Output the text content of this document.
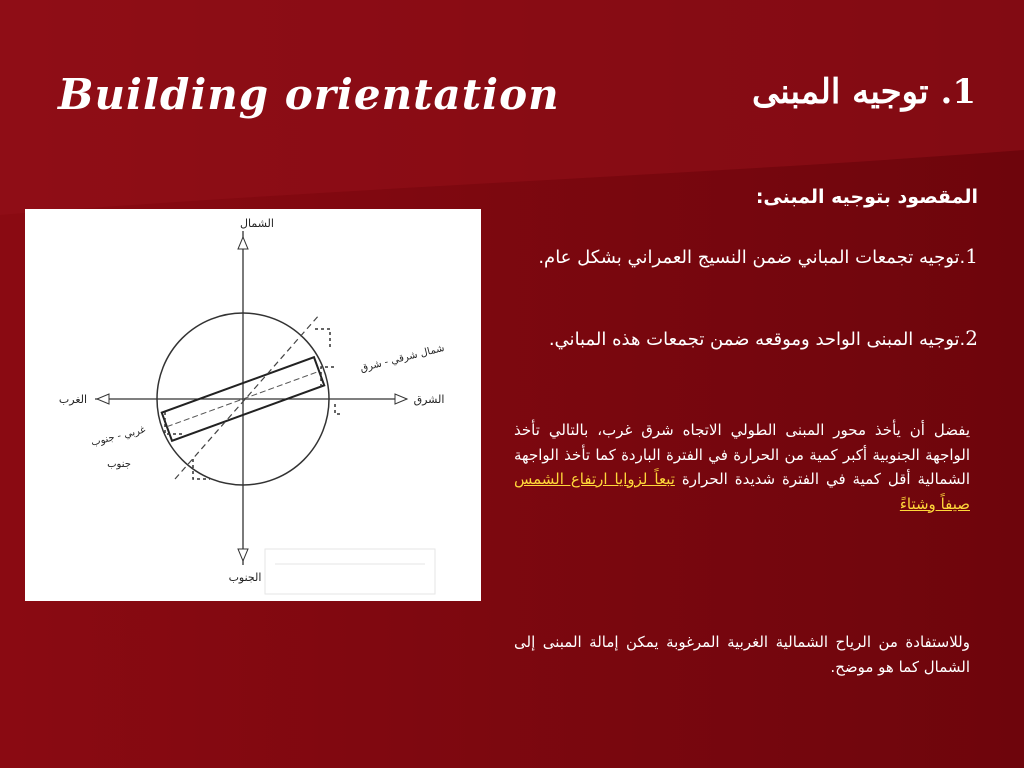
Building orientation	1. توجيه المبنى
الشمال
الجنوب
الشرق
الغرب
شمال شرقي - شرق
غربي - جنوب
جنوب
المقصود بتوجيه المبنى:
1.توجيه تجمعات المباني ضمن النسيج العمراني بشكل عام.
2.توجيه المبنى الواحد وموقعه ضمن تجمعات هذه المباني.
يفضل أن يأخذ محور المبنى الطولي الاتجاه شرق غرب، بالتالي تأخذ الواجهة الجنوبية أكبر كمية من الحرارة في الفترة الباردة كما تأخذ الواجهة الشمالية أقل كمية في الفترة شديدة الحرارة تبعاً لزوايا ارتفاع الشمس صيفاً وشتاءً
وللاستفادة من الرياح الشمالية الغربية المرغوبة يمكن إمالة المبنى إلى الشمال كما هو موضح.
